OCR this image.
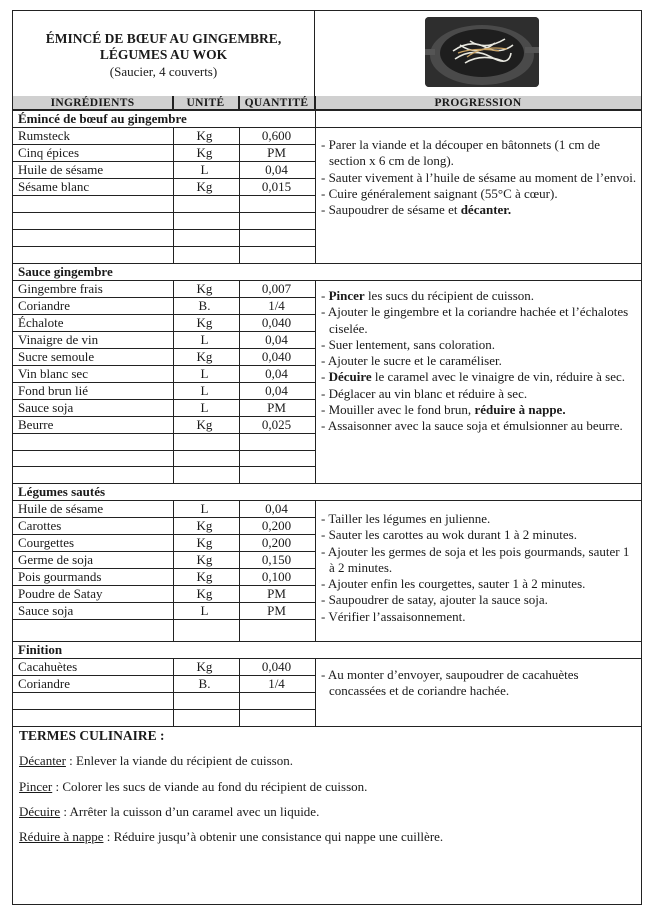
ÉMINCÉ DE BŒUF AU GINGEMBRE,
LÉGUMES AU WOK
(Saucier, 4 couverts)
INGRÉDIENTS	UNITÉ	QUANTITÉ	PROGRESSION
Émincé de bœuf au gingembre
Rumsteck	Kg	0,600
Cinq épices	Kg	PM
Huile de sésame	L	0,04
Sésame blanc	Kg	0,015
- Parer la viande et la découper en bâtonnets (1 cm de section x 6 cm de long).
- Sauter vivement à l’huile de sésame au moment de l’envoi.
- Cuire généralement saignant (55°C à cœur).
- Saupoudrer de sésame et décanter.
Sauce gingembre
Gingembre frais	Kg	0,007
Coriandre	B.	1/4
Échalote	Kg	0,040
Vinaigre de vin	L	0,04
Sucre semoule	Kg	0,040
Vin blanc sec	L	0,04
Fond brun lié	L	0,04
Sauce soja	L	PM
Beurre	Kg	0,025
- Pincer les sucs du récipient de cuisson.
- Ajouter le gingembre et la coriandre hachée et l’échalotes ciselée.
- Suer lentement, sans coloration.
- Ajouter le sucre et le caraméliser.
- Décuire le caramel avec le vinaigre de vin, réduire à sec.
- Déglacer au vin blanc et réduire à sec.
- Mouiller avec le fond brun, réduire à nappe.
- Assaisonner avec la sauce soja et émulsionner au beurre.
Légumes sautés
Huile de sésame	L	0,04
Carottes	Kg	0,200
Courgettes	Kg	0,200
Germe de soja	Kg	0,150
Pois gourmands	Kg	0,100
Poudre de Satay	Kg	PM
Sauce soja	L	PM
- Tailler les légumes en julienne.
- Sauter les carottes au wok durant 1 à 2 minutes.
- Ajouter les germes de soja et les pois gourmands, sauter 1 à 2 minutes.
- Ajouter enfin les courgettes, sauter 1 à 2 minutes.
- Saupoudrer de satay, ajouter la sauce soja.
- Vérifier l’assaisonnement.
Finition
Cacahuètes	Kg	0,040
Coriandre	B.	1/4
- Au monter d’envoyer, saupoudrer de cacahuètes concassées et de coriandre hachée.
TERMES CULINAIRE :
Décanter : Enlever la viande du récipient de cuisson.
Pincer : Colorer les sucs de viande au fond du récipient de cuisson.
Décuire : Arrêter la cuisson d’un caramel avec un liquide.
Réduire à nappe : Réduire jusqu’à obtenir une consistance qui nappe une cuillère.
